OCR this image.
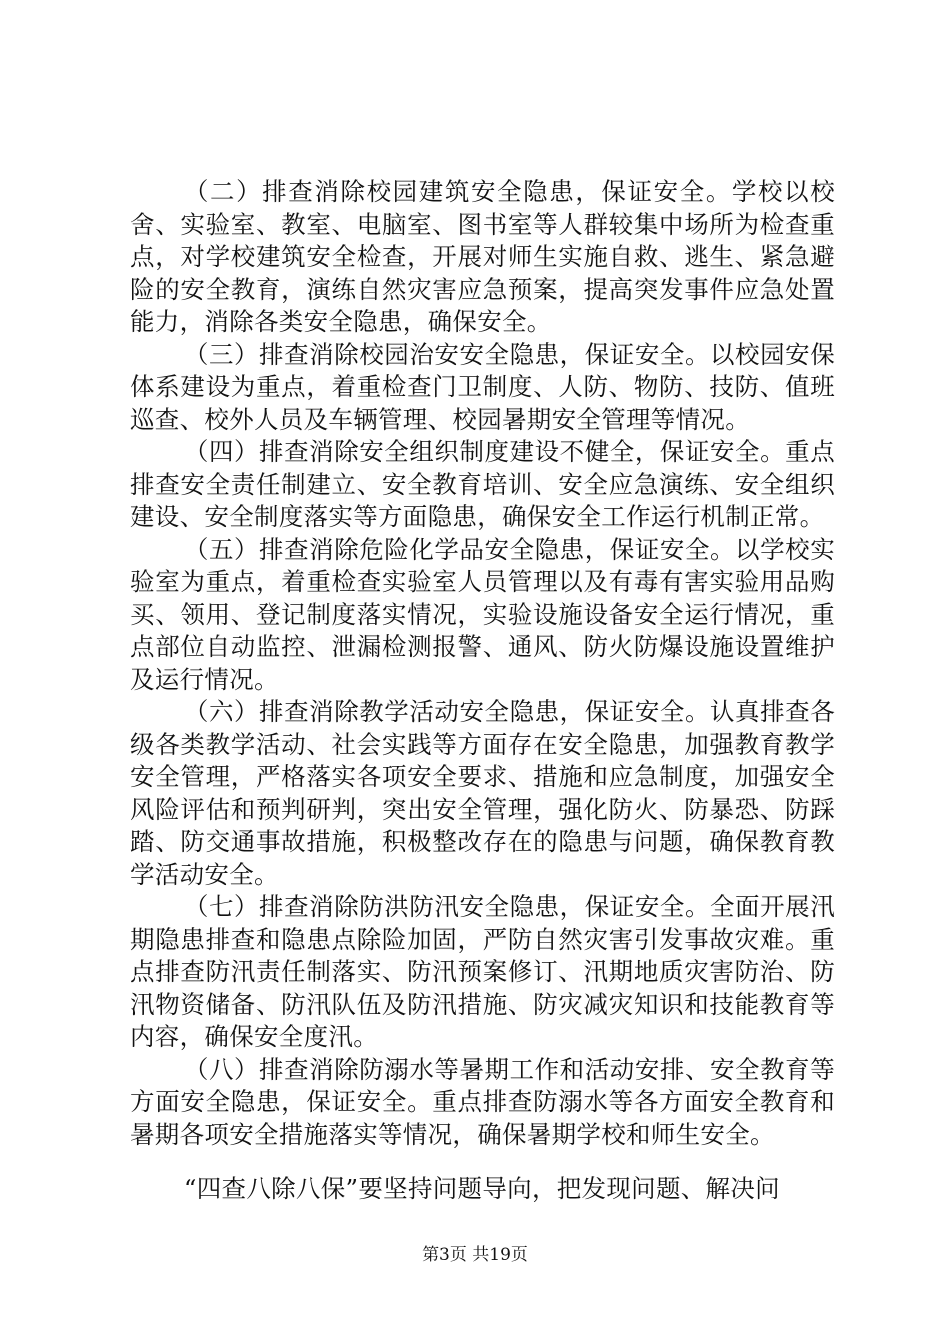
（二）排查消除校园建筑安全隐患，保证安全。学校以校舍、实验室、教室、电脑室、图书室等人群较集中场所为检查重点，对学校建筑安全检查，开展对师生实施自救、逃生、紧急避险的安全教育，演练自然灾害应急预案，提高突发事件应急处置能力，消除各类安全隐患，确保安全。

（三）排查消除校园治安安全隐患，保证安全。以校园安保体系建设为重点，着重检查门卫制度、人防、物防、技防、值班巡查、校外人员及车辆管理、校园暑期安全管理等情况。

（四）排查消除安全组织制度建设不健全，保证安全。重点排查安全责任制建立、安全教育培训、安全应急演练、安全组织建设、安全制度落实等方面隐患，确保安全工作运行机制正常。

（五）排查消除危险化学品安全隐患，保证安全。以学校实验室为重点，着重检查实验室人员管理以及有毒有害实验用品购买、领用、登记制度落实情况，实验设施设备安全运行情况，重点部位自动监控、泄漏检测报警、通风、防火防爆设施设置维护及运行情况。

（六）排查消除教学活动安全隐患，保证安全。认真排查各级各类教学活动、社会实践等方面存在安全隐患，加强教育教学安全管理，严格落实各项安全要求、措施和应急制度，加强安全风险评估和预判研判，突出安全管理，强化防火、防暴恐、防踩踏、防交通事故措施，积极整改存在的隐患与问题，确保教育教学活动安全。

（七）排查消除防洪防汛安全隐患，保证安全。全面开展汛期隐患排查和隐患点除险加固，严防自然灾害引发事故灾难。重点排查防汛责任制落实、防汛预案修订、汛期地质灾害防治、防汛物资储备、防汛队伍及防汛措施、防灾减灾知识和技能教育等内容，确保安全度汛。

（八）排查消除防溺水等暑期工作和活动安排、安全教育等方面安全隐患，保证安全。重点排查防溺水等各方面安全教育和暑期各项安全措施落实等情况，确保暑期学校和师生安全。

“四查八除八保”要坚持问题导向，把发现问题、解决问

第3页 共19页
